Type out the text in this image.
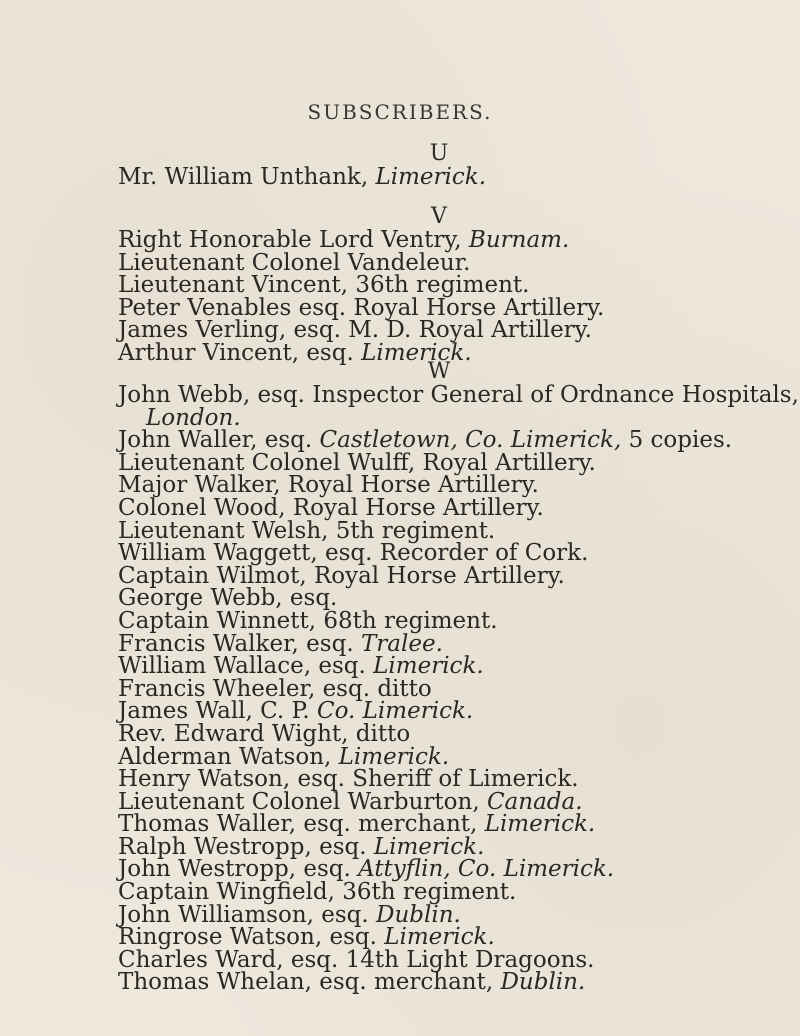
SUBSCRIBERS.
U
Mr. William Unthank, Limerick.
V
Right Honorable Lord Ventry, Burnam.
Lieutenant Colonel Vandeleur.
Lieutenant Vincent, 36th regiment.
Peter Venables esq. Royal Horse Artillery.
James Verling, esq. M. D. Royal Artillery.
Arthur Vincent, esq. Limerick.
W
John Webb, esq. Inspector General of Ordnance Hospitals,
London.
John Waller, esq. Castletown, Co. Limerick, 5 copies.
Lieutenant Colonel Wulff, Royal Artillery.
Major Walker, Royal Horse Artillery.
Colonel Wood, Royal Horse Artillery.
Lieutenant Welsh, 5th regiment.
William Waggett, esq. Recorder of Cork.
Captain Wilmot, Royal Horse Artillery.
George Webb, esq.
Captain Winnett, 68th regiment.
Francis Walker, esq. Tralee.
William Wallace, esq. Limerick.
Francis Wheeler, esq. ditto
James Wall, C. P. Co. Limerick.
Rev. Edward Wight, ditto
Alderman Watson, Limerick.
Henry Watson, esq. Sheriff of Limerick.
Lieutenant Colonel Warburton, Canada.
Thomas Waller, esq. merchant, Limerick.
Ralph Westropp, esq. Limerick.
John Westropp, esq. Attyflin, Co. Limerick.
Captain Wingfield, 36th regiment.
John Williamson, esq. Dublin.
Ringrose Watson, esq. Limerick.
Charles Ward, esq. 14th Light Dragoons.
Thomas Whelan, esq. merchant, Dublin.
